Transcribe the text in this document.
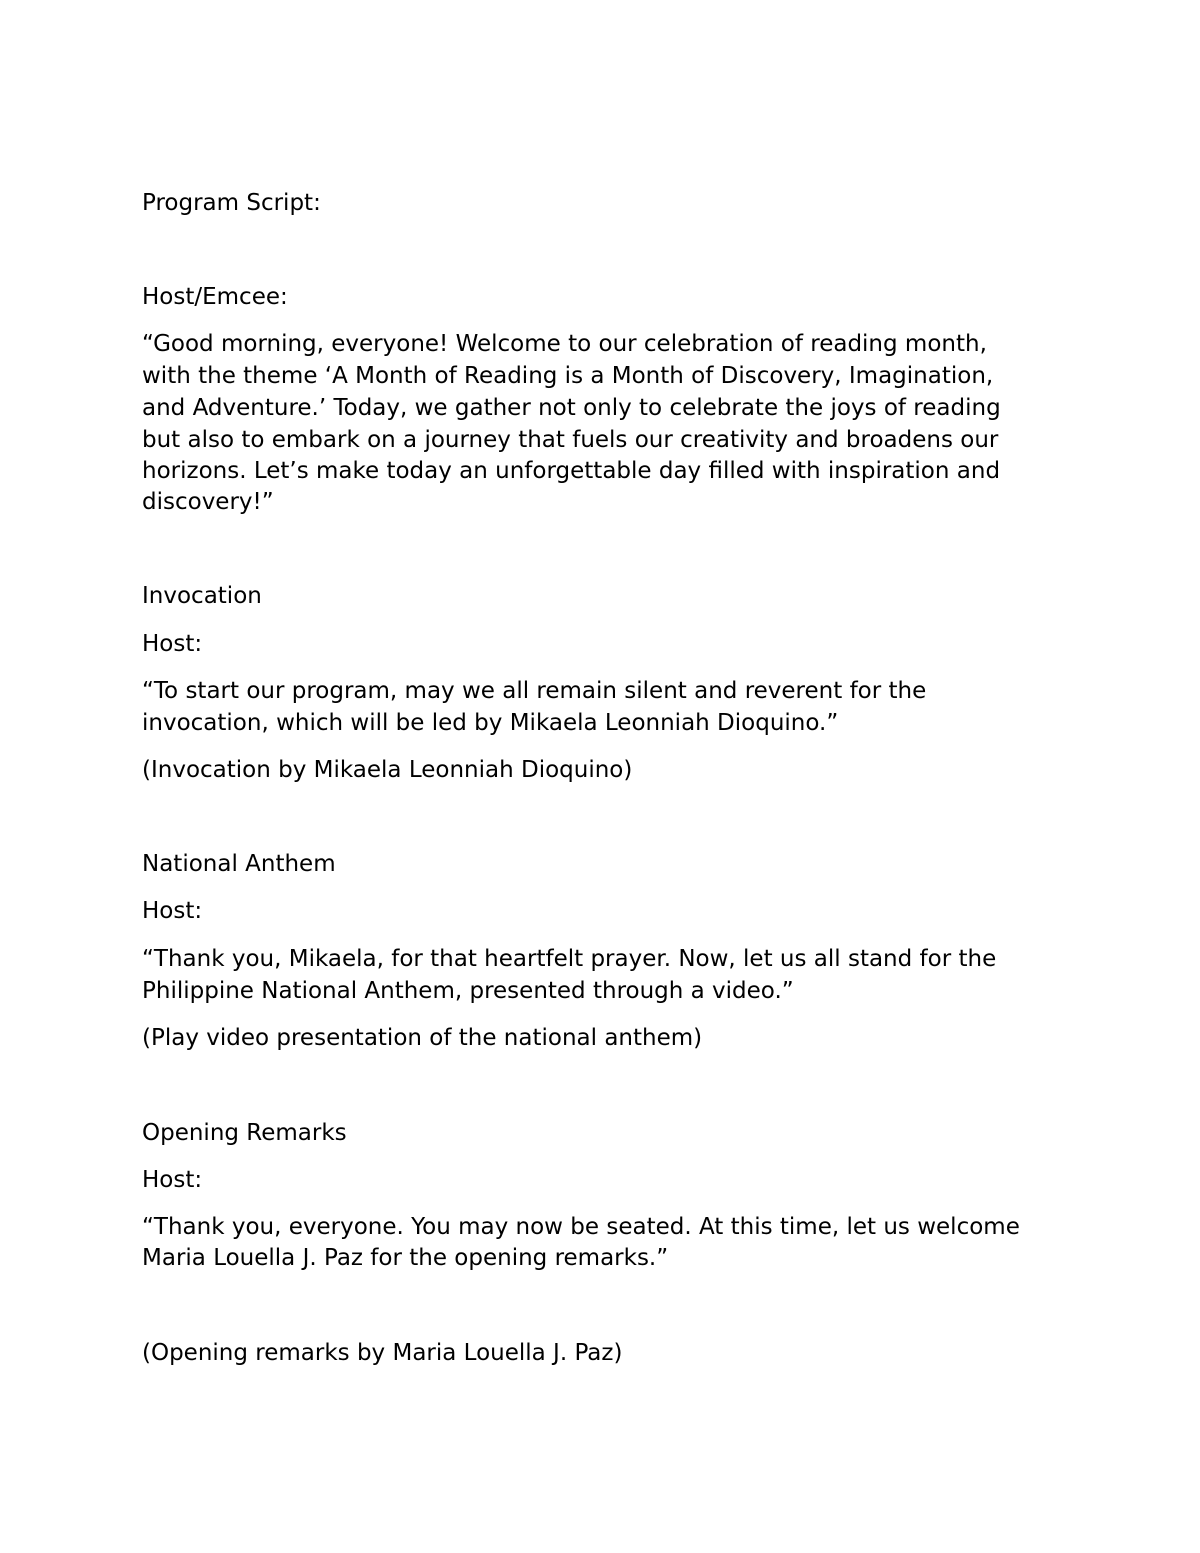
Program Script:

Host/Emcee:

“Good morning, everyone! Welcome to our celebration of reading month,

with the theme ‘A Month of Reading is a Month of Discovery, Imagination,

and Adventure.’ Today, we gather not only to celebrate the joys of reading

but also to embark on a journey that fuels our creativity and broadens our

horizons. Let’s make today an unforgettable day filled with inspiration and

discovery!”

Invocation

Host:

“To start our program, may we all remain silent and reverent for the

invocation, which will be led by Mikaela Leonniah Dioquino.”

(Invocation by Mikaela Leonniah Dioquino)

National Anthem

Host:

“Thank you, Mikaela, for that heartfelt prayer. Now, let us all stand for the

Philippine National Anthem, presented through a video.”

(Play video presentation of the national anthem)

Opening Remarks

Host:

“Thank you, everyone. You may now be seated. At this time, let us welcome

Maria Louella J. Paz for the opening remarks.”

(Opening remarks by Maria Louella J. Paz)
